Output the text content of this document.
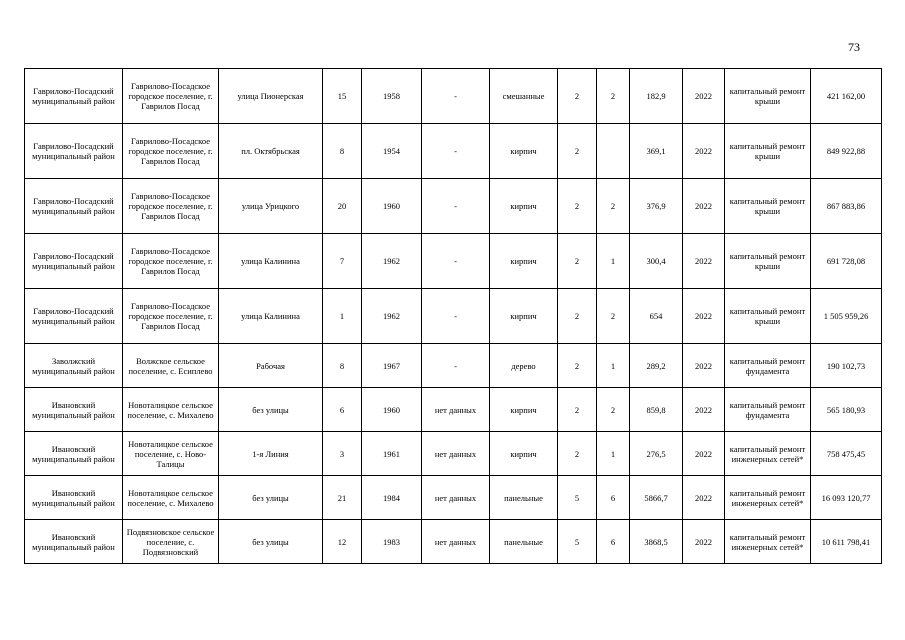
73
Гаврилово-Посадский муниципальный район	Гаврилово-Посадское городское поселение, г. Гаврилов Посад	улица Пионерская	15	1958	-	смешанные	2	2	182,9	2022	капитальный ремонт крыши	421 162,00
Гаврилово-Посадский муниципальный район	Гаврилово-Посадское городское поселение, г. Гаврилов Посад	пл. Октябрьская	8	1954	-	кирпич	2		369,1	2022	капитальный ремонт крыши	849 922,88
Гаврилово-Посадский муниципальный район	Гаврилово-Посадское городское поселение, г. Гаврилов Посад	улица Урицкого	20	1960	-	кирпич	2	2	376,9	2022	капитальный ремонт крыши	867 883,86
Гаврилово-Посадский муниципальный район	Гаврилово-Посадское городское поселение, г. Гаврилов Посад	улица Калинина	7	1962	-	кирпич	2	1	300,4	2022	капитальный ремонт крыши	691 728,08
Гаврилово-Посадский муниципальный район	Гаврилово-Посадское городское поселение, г. Гаврилов Посад	улица Калинина	1	1962	-	кирпич	2	2	654	2022	капитальный ремонт крыши	1 505 959,26
Заволжский муниципальный район	Волжское сельское поселение, с. Есиплево	Рабочая	8	1967	-	дерево	2	1	289,2	2022	капитальный ремонт фундамента	190 102,73
Ивановский муниципальный район	Новоталицкое сельское поселение, с. Михалево	без улицы	6	1960	нет данных	кирпич	2	2	859,8	2022	капитальный ремонт фундамента	565 180,93
Ивановский муниципальный район	Новоталицкое сельское поселение, с. Ново-Талицы	1-я Линия	3	1961	нет данных	кирпич	2	1	276,5	2022	капитальный ремонт инженерных сетей*	758 475,45
Ивановский муниципальный район	Новоталицкое сельское поселение, с. Михалево	без улицы	21	1984	нет данных	панельные	5	6	5866,7	2022	капитальный ремонт инженерных сетей*	16 093 120,77
Ивановский муниципальный район	Подвязновское сельское поселение, с. Подвязновский	без улицы	12	1983	нет данных	панельные	5	6	3868,5	2022	капитальный ремонт инженерных сетей*	10 611 798,41
